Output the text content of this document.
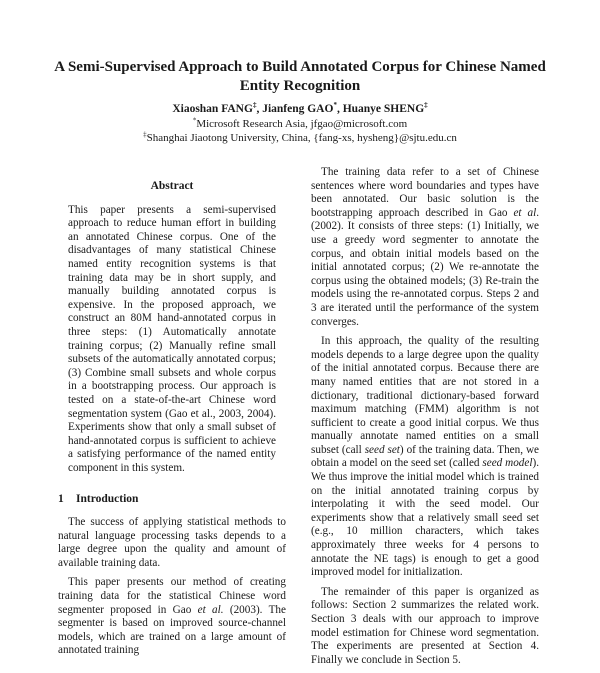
A Semi-Supervised Approach to Build Annotated Corpus for Chinese Named Entity Recognition
Xiaoshan FANG‡, Jianfeng GAO*, Huanye SHENG‡
*Microsoft Research Asia, jfgao@microsoft.com
‡Shanghai Jiaotong University, China, {fang-xs, hysheng}@sjtu.edu.cn
Abstract
This paper presents a semi-supervised approach to reduce human effort in building an annotated Chinese corpus. One of the disadvantages of many statistical Chinese named entity recognition systems is that training data may be in short supply, and manually building annotated corpus is expensive. In the proposed approach, we construct an 80M hand-annotated corpus in three steps: (1) Automatically annotate training corpus; (2) Manually refine small subsets of the automatically annotated corpus; (3) Combine small subsets and whole corpus in a bootstrapping process. Our approach is tested on a state-of-the-art Chinese word segmentation system (Gao et al., 2003, 2004). Experiments show that only a small subset of hand-annotated corpus is sufficient to achieve a satisfying performance of the named entity component in this system.
1 Introduction

The success of applying statistical methods to natural language processing tasks depends to a large degree upon the quality and amount of available training data.

This paper presents our method of creating training data for the statistical Chinese word segmenter proposed in Gao et al. (2003). The segmenter is based on improved source-channel models, which are trained on a large amount of annotated training

The training data refer to a set of Chinese sentences where word boundaries and types have been annotated. Our basic solution is the bootstrapping approach described in Gao et al. (2002). It consists of three steps: (1) Initially, we use a greedy word segmenter to annotate the corpus, and obtain initial models based on the initial annotated corpus; (2) We re-annotate the corpus using the obtained models; (3) Re-train the models using the re-annotated corpus. Steps 2 and 3 are iterated until the performance of the system converges.

In this approach, the quality of the resulting models depends to a large degree upon the quality of the initial annotated corpus. Because there are many named entities that are not stored in a dictionary, traditional dictionary-based forward maximum matching (FMM) algorithm is not sufficient to create a good initial corpus. We thus manually annotate named entities on a small subset (call seed set) of the training data. Then, we obtain a model on the seed set (called seed model). We thus improve the initial model which is trained on the initial annotated training corpus by interpolating it with the seed model. Our experiments show that a relatively small seed set (e.g., 10 million characters, which takes approximately three weeks for 4 persons to annotate the NE tags) is enough to get a good improved model for initialization.

The remainder of this paper is organized as follows: Section 2 summarizes the related work. Section 3 deals with our approach to improve model estimation for Chinese word segmentation. The experiments are presented at Section 4. Finally we conclude in Section 5.
